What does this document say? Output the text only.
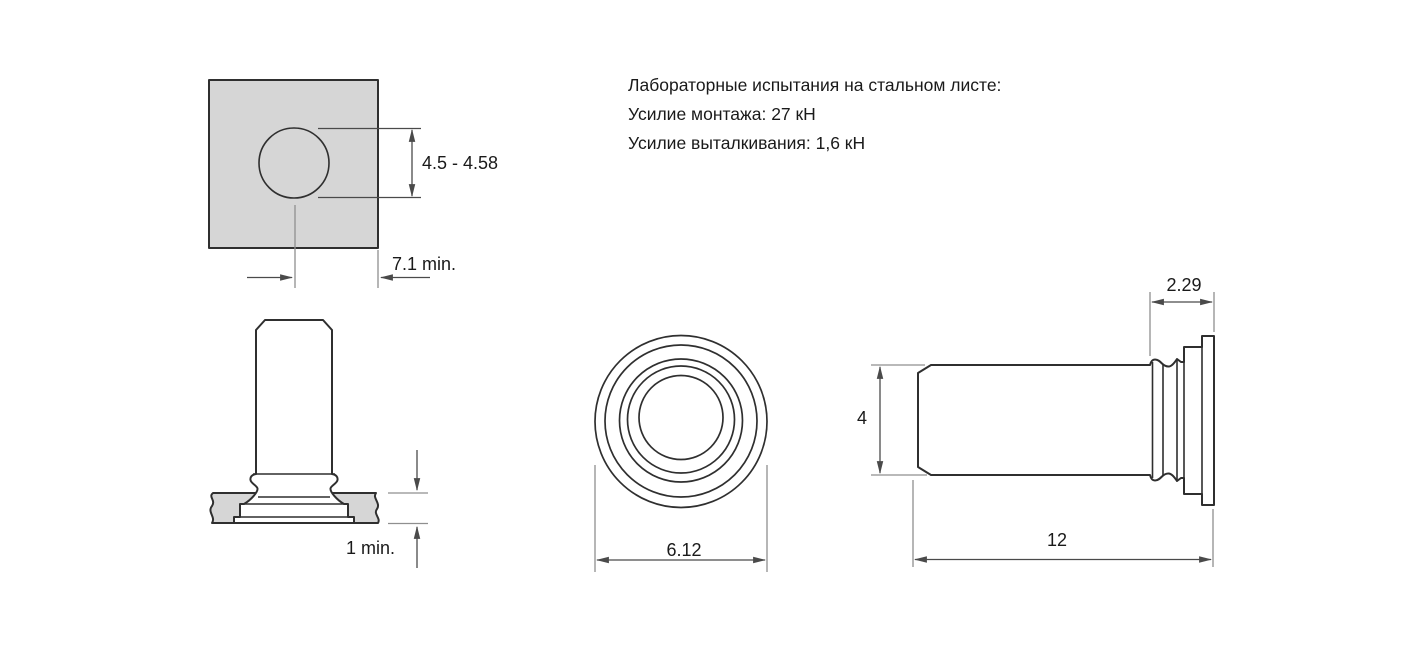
4.5 - 4.58
7.1 min.
1 min.	6.12
2.29
4
12

Лабораторные испытания на стальном листе:

Усилие монтажа: 27 кН

Усилие выталкивания: 1,6 кН
